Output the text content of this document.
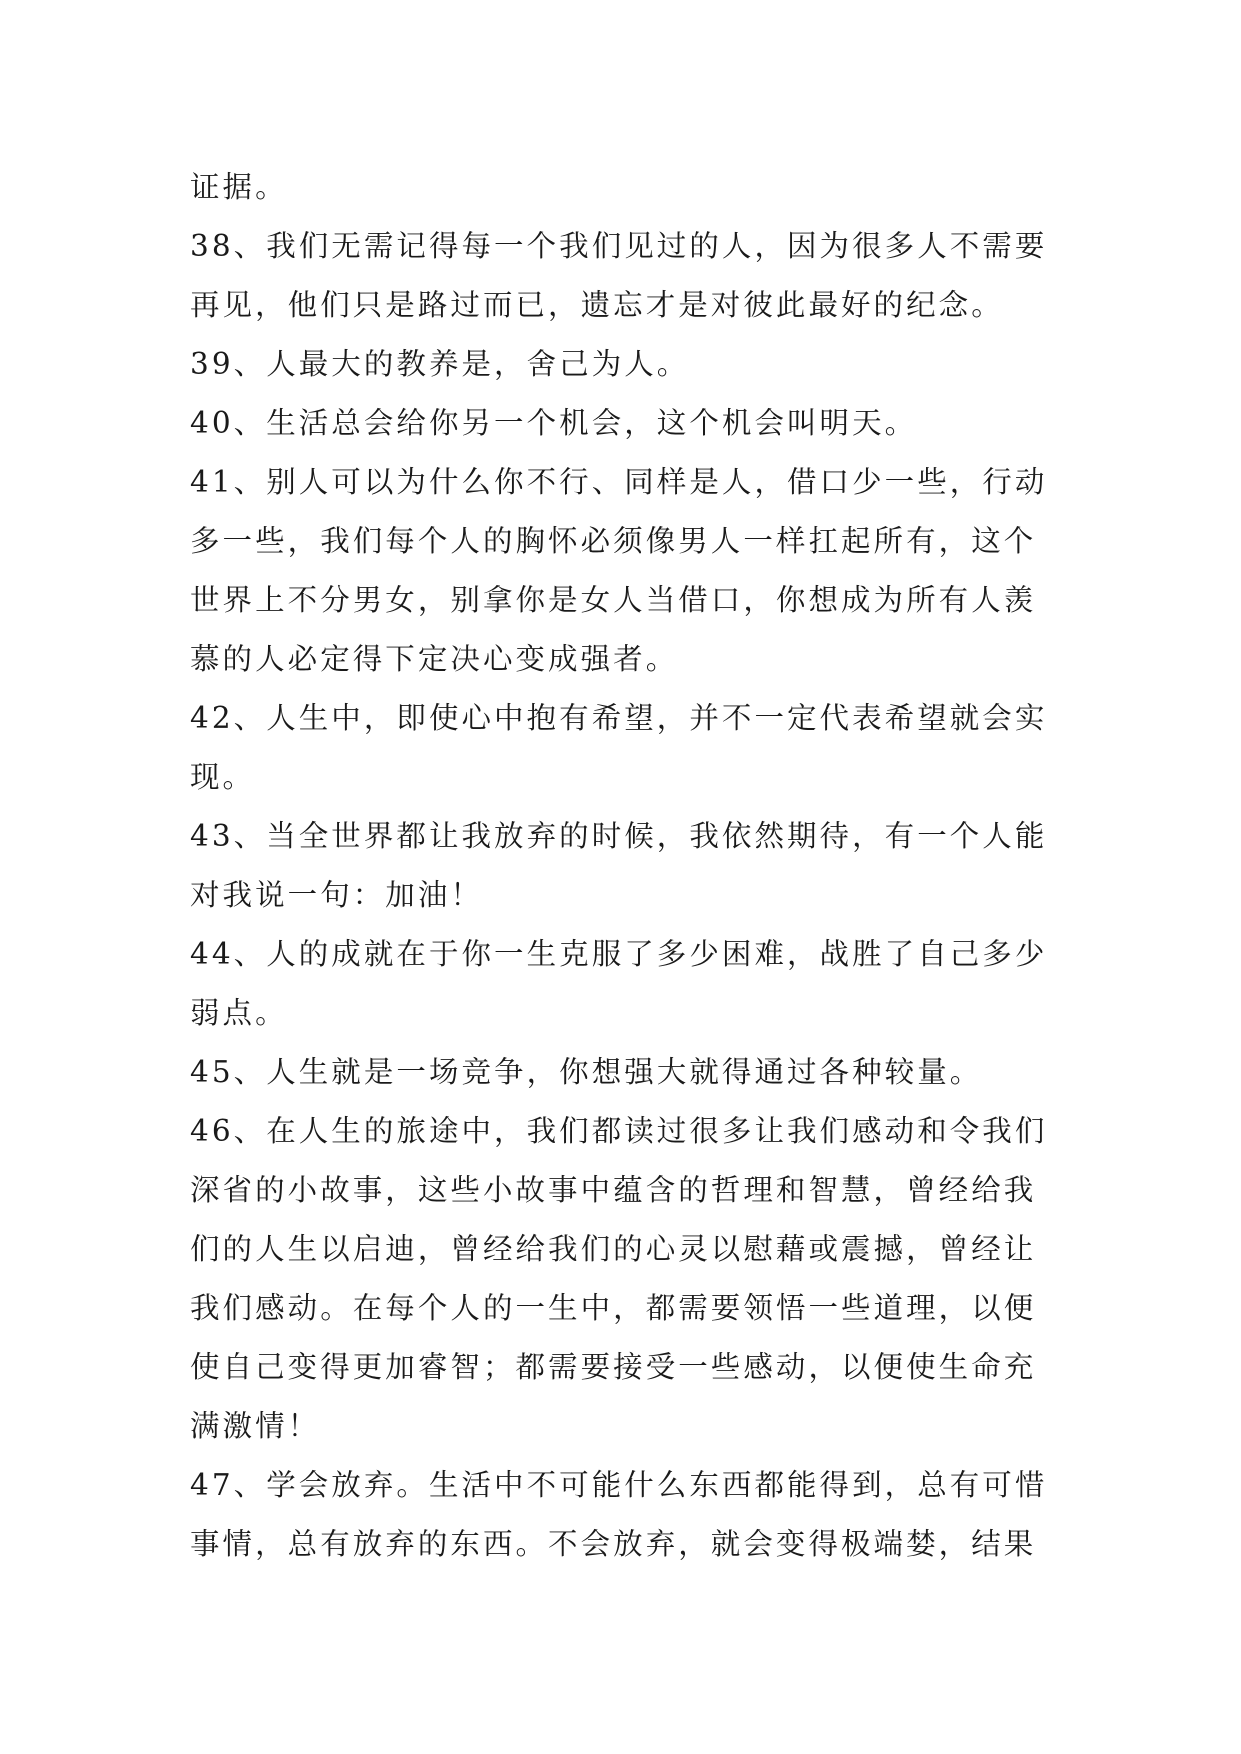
证据。
38、我们无需记得每一个我们见过的人，因为很多人不需要
再见，他们只是路过而已，遗忘才是对彼此最好的纪念。
39、人最大的教养是，舍己为人。
40、生活总会给你另一个机会，这个机会叫明天。
41、别人可以为什么你不行、同样是人，借口少一些，行动
多一些，我们每个人的胸怀必须像男人一样扛起所有，这个
世界上不分男女，别拿你是女人当借口，你想成为所有人羡
慕的人必定得下定决心变成强者。
42、人生中，即使心中抱有希望，并不一定代表希望就会实
现。
43、当全世界都让我放弃的时候，我依然期待，有一个人能
对我说一句：加油！
44、人的成就在于你一生克服了多少困难，战胜了自己多少
弱点。
45、人生就是一场竞争，你想强大就得通过各种较量。
46、在人生的旅途中，我们都读过很多让我们感动和令我们
深省的小故事，这些小故事中蕴含的哲理和智慧，曾经给我
们的人生以启迪，曾经给我们的心灵以慰藉或震撼，曾经让
我们感动。在每个人的一生中，都需要领悟一些道理，以便
使自己变得更加睿智；都需要接受一些感动，以便使生命充
满激情！
47、学会放弃。生活中不可能什么东西都能得到，总有可惜
事情，总有放弃的东西。不会放弃，就会变得极端婪，结果
